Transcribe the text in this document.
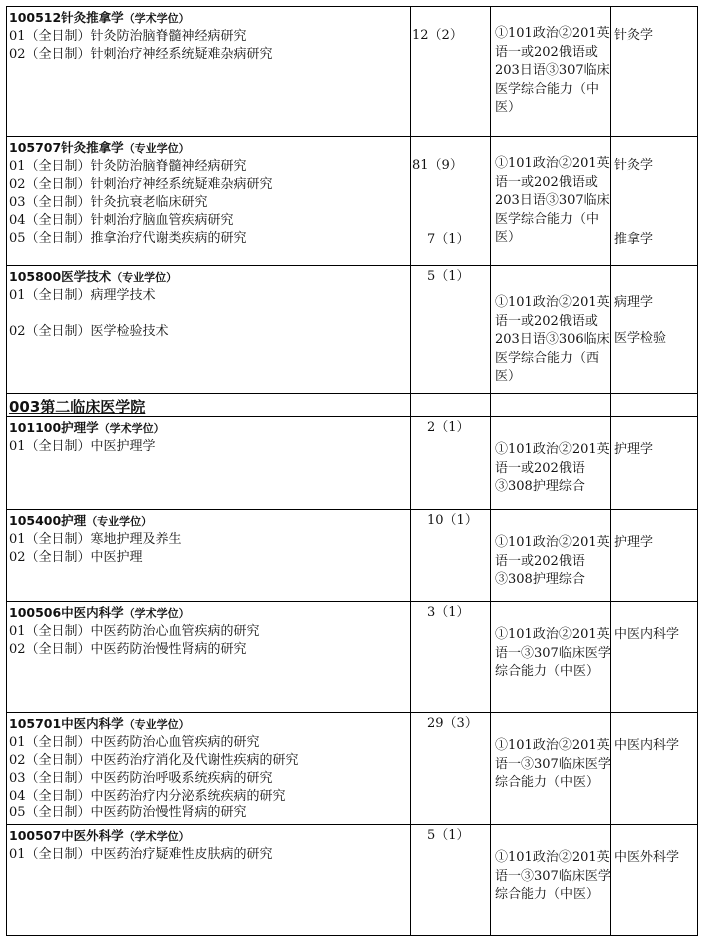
100512针灸推拿学（学术学位）
01（全日制）针灸防治脑脊髓神经病研究
02（全日制）针刺治疗神经系统疑难杂病研究
12（2）	①101政治②201英语一或202俄语或203日语③307临床医学综合能力（中医）
针灸学
105707针灸推拿学（专业学位）
01（全日制）针灸防治脑脊髓神经病研究
02（全日制）针刺治疗神经系统疑难杂病研究
03（全日制）针灸抗衰老临床研究
04（全日制）针刺治疗脑血管疾病研究
05（全日制）推拿治疗代谢类疾病的研究
81（9）
7（1）
①101政治②201英语一或202俄语或203日语③307临床医学综合能力（中医）
针灸学
推拿学
105800医学技术（专业学位）
01（全日制）病理学技术
02（全日制）医学检验技术
5（1）
①101政治②201英语一或202俄语或203日语③306临床医学综合能力（西医）
病理学
医学检验
003第二临床医学院
101100护理学（学术学位）
01（全日制）中医护理学
2（1）
①101政治②201英语一或202俄语③308护理综合
护理学
105400护理（专业学位）
01（全日制）寒地护理及养生
02（全日制）中医护理
10（1）
①101政治②201英语一或202俄语③308护理综合
护理学
100506中医内科学（学术学位）
01（全日制）中医药防治心血管疾病的研究
02（全日制）中医药防治慢性肾病的研究
3（1）
①101政治②201英语一③307临床医学综合能力（中医）
中医内科学
105701中医内科学（专业学位）
01（全日制）中医药防治心血管疾病的研究
02（全日制）中医药治疗消化及代谢性疾病的研究
03（全日制）中医药防治呼吸系统疾病的研究
04（全日制）中医药治疗内分泌系统疾病的研究
05（全日制）中医药防治慢性肾病的研究
29（3）
①101政治②201英语一③307临床医学综合能力（中医）
中医内科学
100507中医外科学（学术学位）
01（全日制）中医药治疗疑难性皮肤病的研究
5（1）
①101政治②201英语一③307临床医学综合能力（中医）
中医外科学
